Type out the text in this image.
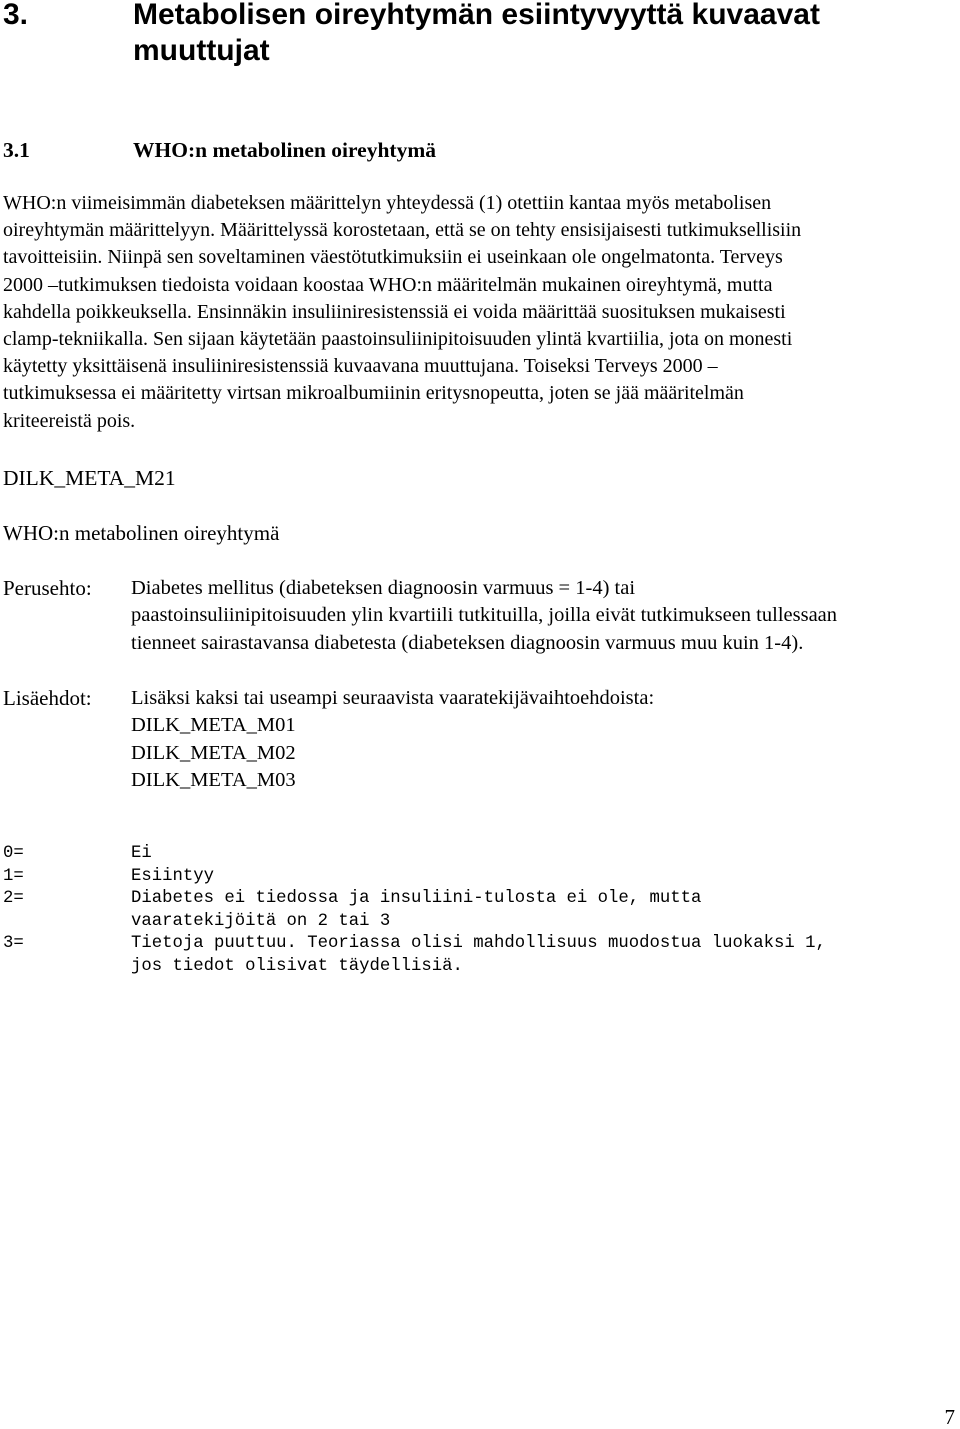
3.	Metabolisen oireyhtymän esiintyvyyttä kuvaavat muuttujat
3.1	WHO:n metabolinen oireyhtymä
WHO:n viimeisimmän diabeteksen määrittelyn yhteydessä (1) otettiin kantaa myös metabolisen
oireyhtymän määrittelyyn. Määrittelyssä korostetaan, että se on tehty ensisijaisesti tutkimuksellisiin
tavoitteisiin. Niinpä sen soveltaminen väestötutkimuksiin ei useinkaan ole ongelmatonta. Terveys
2000 –tutkimuksen tiedoista voidaan koostaa WHO:n määritelmän mukainen oireyhtymä, mutta
kahdella poikkeuksella. Ensinnäkin insuliiniresistenssiä ei voida määrittää suosituksen mukaisesti
clamp-tekniikalla. Sen sijaan käytetään paastoinsuliinipitoisuuden ylintä kvartiilia, jota on monesti
käytetty yksittäisenä insuliiniresistenssiä kuvaavana muuttujana. Toiseksi Terveys 2000 –
tutkimuksessa ei määritetty virtsan mikroalbumiinin eritysnopeutta, joten se jää määritelmän
kriteereistä pois.
DILK_META_M21
WHO:n metabolinen oireyhtymä
Perusehto: Diabetes mellitus (diabeteksen diagnoosin varmuus = 1-4) tai
paastoinsuliinipitoisuuden ylin kvartiili tutkituilla, joilla eivät tutkimukseen tullessaan
tienneet sairastavansa diabetesta (diabeteksen diagnoosin varmuus muu kuin 1-4).
Lisäehdot: Lisäksi kaksi tai useampi seuraavista vaaratekijävaihtoehdoista:
DILK_META_M01
DILK_META_M02
DILK_META_M03
0=	Ei
1=	Esiintyy
2=	Diabetes ei tiedossa ja insuliini-tulosta ei ole, mutta
vaaratekijöitä on 2 tai 3
3=	Tietoja puuttuu. Teoriassa olisi mahdollisuus muodostua luokaksi 1,
jos tiedot olisivat täydellisiä.
7
